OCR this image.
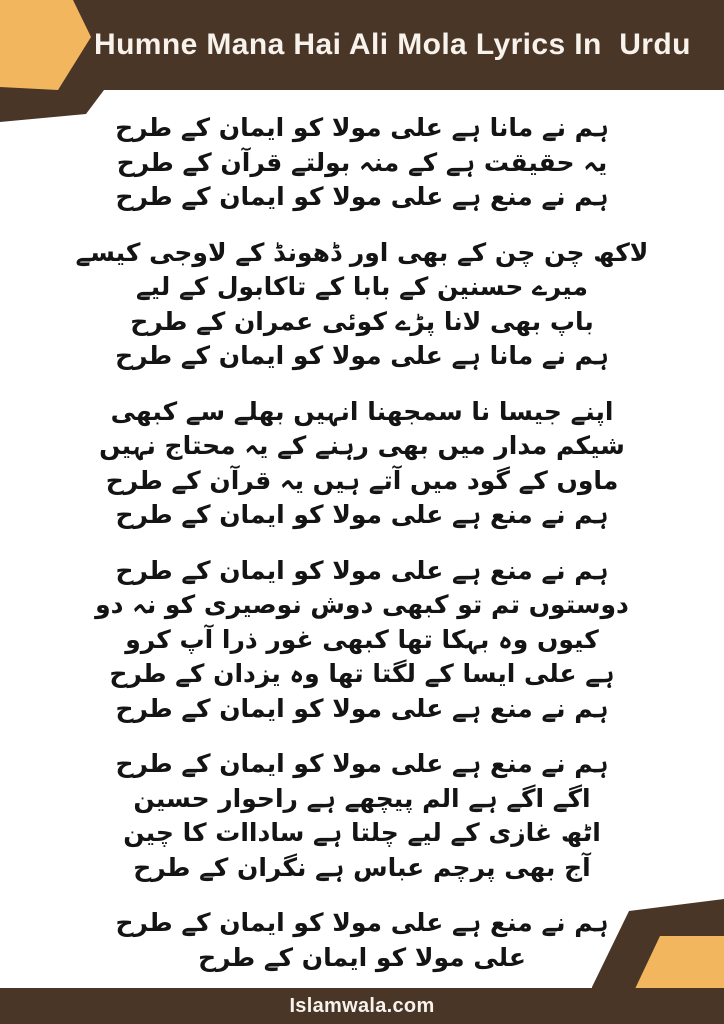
Humne Mana Hai Ali Mola Lyrics In  Urdu
ہم نے مانا ہے علی مولا کو ایمان کے طرح
یہ حقیقت ہے کے منہ بولتے قرآن کے طرح
ہم نے منع ہے علی مولا کو ایمان کے طرح
لاکھ چن چن کے بھی اور ڈھونڈ کے لاوجی کیسے
میرے حسنین کے بابا کے تاکابول کے لیے
باپ بھی لانا پڑے کوئی عمران کے طرح
ہم نے مانا ہے علی مولا کو ایمان کے طرح
اپنے جیسا نا سمجھنا انہیں بھلے سے کبھی
شیکم مدار میں بھی رہنے کے یہ محتاج نہیں
ماوں کے گود میں آتے ہیں یہ قرآن کے طرح
ہم نے منع ہے علی مولا کو ایمان کے طرح
ہم نے منع ہے علی مولا کو ایمان کے طرح
دوستوں تم تو کبھی دوش نوصیری کو نہ دو
کیوں وہ بہکا تھا کبھی غور ذرا آپ کرو
ہے علی ایسا کے لگتا تھا وہ یزدان کے طرح
ہم نے منع ہے علی مولا کو ایمان کے طرح
ہم نے منع ہے علی مولا کو ایمان کے طرح
اگے اگے ہے الم پیچھے ہے راحوار حسین
اٹھ غازی کے لیے چلتا ہے ساداات کا چین
آج بھی پرچم عباس ہے نگران کے طرح
ہم نے منع ہے علی مولا کو ایمان کے طرح
علی مولا کو ایمان کے طرح
Islamwala.com
